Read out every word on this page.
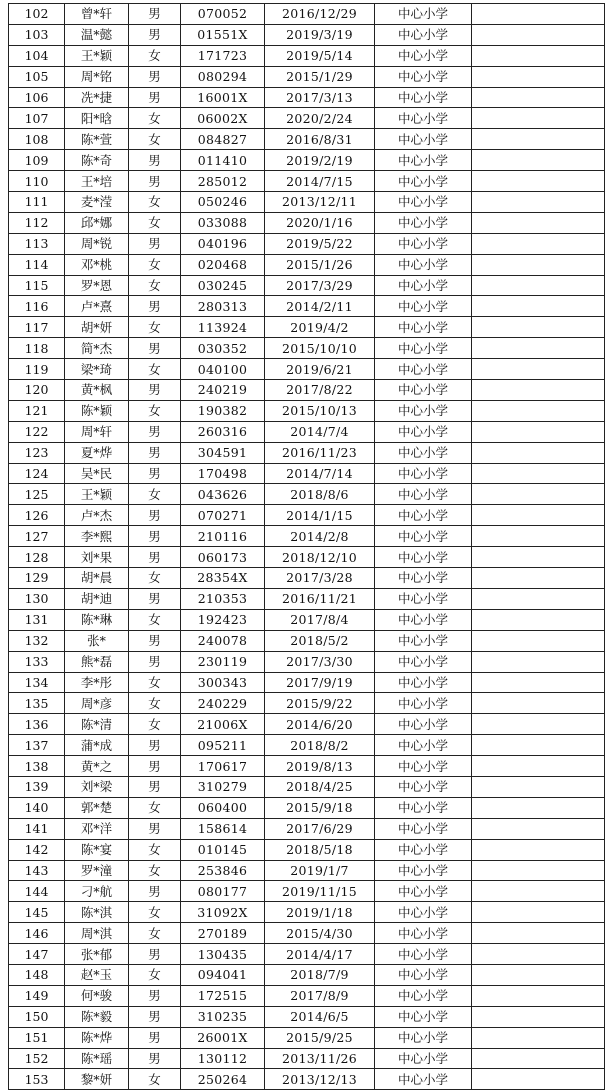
102	曾*轩	男	070052	2016/12/29	中心小学	
103	温*懿	男	01551X	2019/3/19	中心小学	
104	王*颖	女	171723	2019/5/14	中心小学	
105	周*铭	男	080294	2015/1/29	中心小学	
106	冼*捷	男	16001X	2017/3/13	中心小学	
107	阳*晗	女	06002X	2020/2/24	中心小学	
108	陈*萱	女	084827	2016/8/31	中心小学	
109	陈*奇	男	011410	2019/2/19	中心小学	
110	王*培	男	285012	2014/7/15	中心小学	
111	麦*滢	女	050246	2013/12/11	中心小学	
112	邱*娜	女	033088	2020/1/16	中心小学	
113	周*锐	男	040196	2019/5/22	中心小学	
114	邓*桃	女	020468	2015/1/26	中心小学	
115	罗*恩	女	030245	2017/3/29	中心小学	
116	卢*熹	男	280313	2014/2/11	中心小学	
117	胡*妍	女	113924	2019/4/2	中心小学	
118	简*杰	男	030352	2015/10/10	中心小学	
119	梁*琦	女	040100	2019/6/21	中心小学	
120	黄*枫	男	240219	2017/8/22	中心小学	
121	陈*颖	女	190382	2015/10/13	中心小学	
122	周*轩	男	260316	2014/7/4	中心小学	
123	夏*烨	男	304591	2016/11/23	中心小学	
124	吴*民	男	170498	2014/7/14	中心小学	
125	王*颖	女	043626	2018/8/6	中心小学	
126	卢*杰	男	070271	2014/1/15	中心小学	
127	李*熙	男	210116	2014/2/8	中心小学	
128	刘*果	男	060173	2018/12/10	中心小学	
129	胡*晨	女	28354X	2017/3/28	中心小学	
130	胡*迪	男	210353	2016/11/21	中心小学	
131	陈*琳	女	192423	2017/8/4	中心小学	
132	张*	男	240078	2018/5/2	中心小学	
133	熊*磊	男	230119	2017/3/30	中心小学	
134	李*彤	女	300343	2017/9/19	中心小学	
135	周*彦	女	240229	2015/9/22	中心小学	
136	陈*清	女	21006X	2014/6/20	中心小学	
137	蒲*成	男	095211	2018/8/2	中心小学	
138	黄*之	男	170617	2019/8/13	中心小学	
139	刘*梁	男	310279	2018/4/25	中心小学	
140	郭*楚	女	060400	2015/9/18	中心小学	
141	邓*洋	男	158614	2017/6/29	中心小学	
142	陈*宴	女	010145	2018/5/18	中心小学	
143	罗*潼	女	253846	2019/1/7	中心小学	
144	刁*航	男	080177	2019/11/15	中心小学	
145	陈*淇	女	31092X	2019/1/18	中心小学	
146	周*淇	女	270189	2015/4/30	中心小学	
147	张*郁	男	130435	2014/4/17	中心小学	
148	赵*玉	女	094041	2018/7/9	中心小学	
149	何*骏	男	172515	2017/8/9	中心小学	
150	陈*毅	男	310235	2014/6/5	中心小学	
151	陈*烨	男	26001X	2015/9/25	中心小学	
152	陈*瑶	男	130112	2013/11/26	中心小学	
153	黎*妍	女	250264	2013/12/13	中心小学	
